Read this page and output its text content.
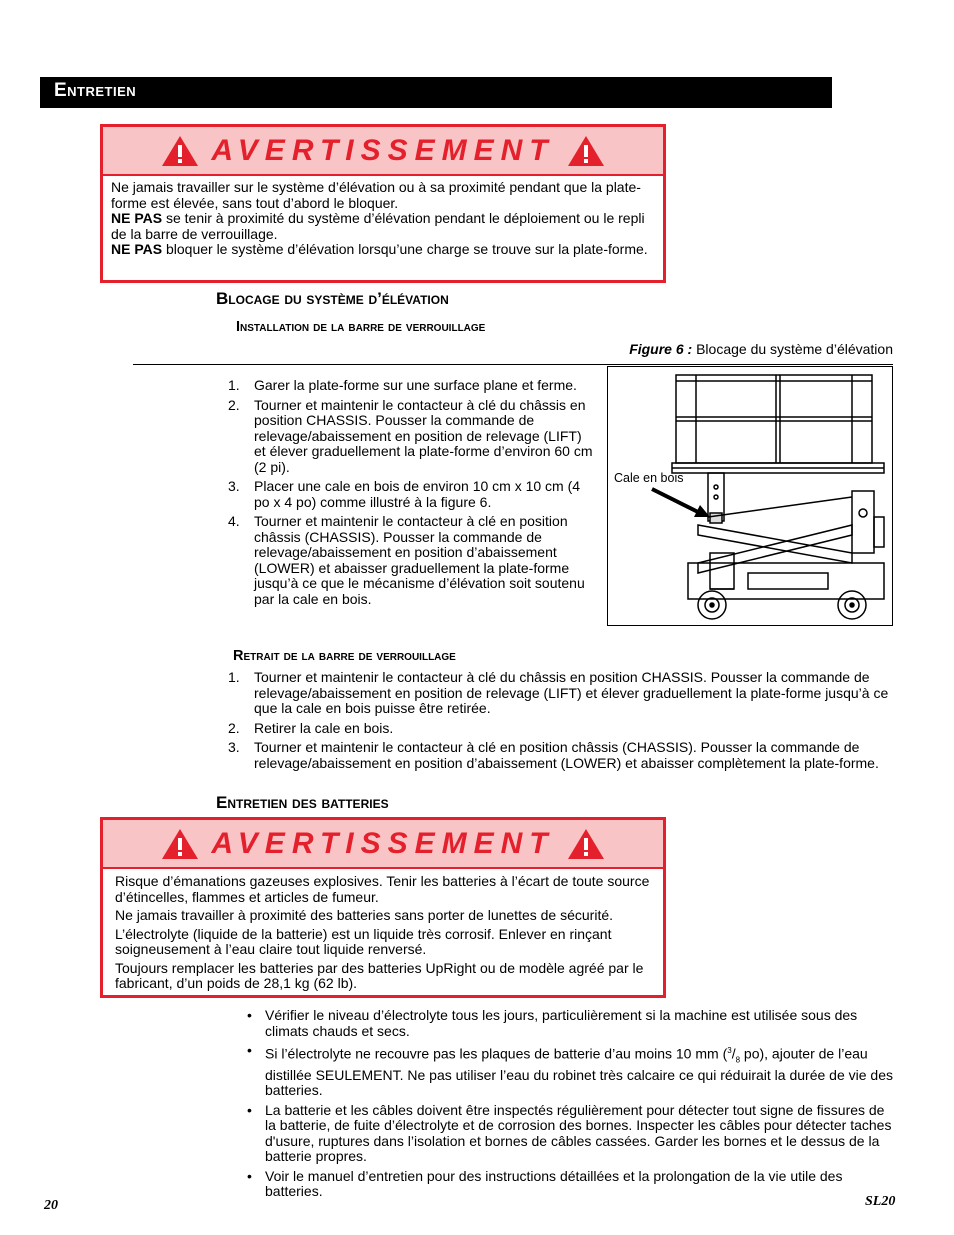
Entretien
AVERTISSEMENT
Ne jamais travailler sur le système d’élévation ou à sa proximité pendant que la plate-forme est élevée, sans tout d’abord le bloquer.
NE PAS se tenir à proximité du système d’élévation pendant le déploiement ou le repli de la barre de verrouillage.
NE PAS bloquer le système d’élévation lorsqu’une charge se trouve sur la plate-forme.
Blocage du système d’élévation
Installation de la barre de verrouillage
Figure 6 : Blocage du système d’élévation
1. Garer la plate-forme sur une surface plane et ferme.
2. Tourner et maintenir le contacteur à clé du châssis en position CHASSIS. Pousser la commande de relevage/abaissement en position de relevage (LIFT) et élever graduellement la plate-forme d’environ 60 cm (2 pi).
3. Placer une cale en bois de environ 10 cm x 10 cm (4 po x 4 po) comme illustré à la figure 6.
4. Tourner et maintenir le contacteur à clé en position châssis (CHASSIS). Pousser la commande de relevage/abaissement en position d’abaissement (LOWER) et abaisser graduellement la plate-forme jusqu’à ce que le mécanisme d’élévation soit soutenu par la cale en bois.
Cale en bois
Retrait de la barre de verrouillage
1. Tourner et maintenir le contacteur à clé du châssis en position CHASSIS. Pousser la commande de relevage/abaissement en position de relevage (LIFT) et élever graduellement la plate-forme jusqu’à ce que la cale en bois puisse être retirée.
2. Retirer la cale en bois.
3. Tourner et maintenir le contacteur à clé en position châssis (CHASSIS). Pousser la commande de relevage/abaissement en position d’abaissement (LOWER) et abaisser complètement la plate-forme.
Entretien des batteries
AVERTISSEMENT

Risque d’émanations gazeuses explosives. Tenir les batteries à l’écart de toute source d’étincelles, flammes et articles de fumeur.

Ne jamais travailler à proximité des batteries sans porter de lunettes de sécurité.

L’électrolyte (liquide de la batterie) est un liquide très corrosif. Enlever en rinçant soigneusement à l’eau claire tout liquide renversé.

Toujours remplacer les batteries par des batteries UpRight ou de modèle agréé par le fabricant, d’un poids de 28,1 kg (62 lb).

• Vérifier le niveau d’électrolyte tous les jours, particulièrement si la machine est utilisée sous des climats chauds et secs.
• Si l’électrolyte ne recouvre pas les plaques de batterie d’au moins 10 mm ($^3/_8$ po), ajouter de l’eau distillée SEULEMENT. Ne pas utiliser l’eau du robinet très calcaire ce qui réduirait la durée de vie des batteries.
• La batterie et les câbles doivent être inspectés régulièrement pour détecter tout signe de fissures de la batterie, de fuite d’électrolyte et de corrosion des bornes. Inspecter les câbles pour détecter taches d'usure, ruptures dans l’isolation et bornes de câbles cassées. Garder les bornes et le dessus de la batterie propres.
• Voir le manuel d’entretien pour des instructions détaillées et la prolongation de la vie utile des batteries.
20	SL20
